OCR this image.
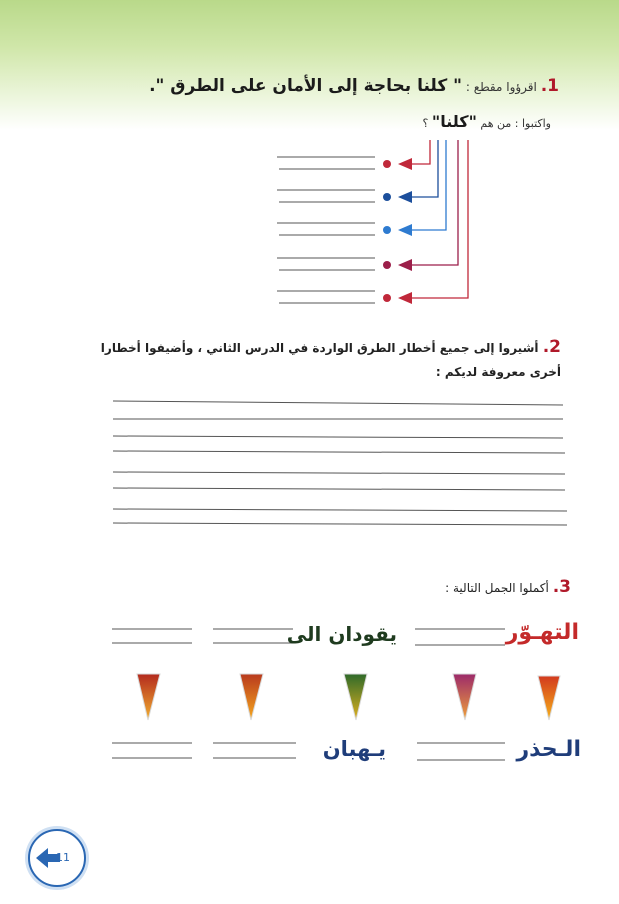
1. اقرؤوا مقطع : " كلنا بحاجة إلى الأمان على الطرق ".
واكتبوا : من هم "كلنا" ؟
2. أشيروا إلى جميع أخطار الطرق الواردة في الدرس الثاني ، وأضيفوا أخطارا
أخرى معروفة لديكم :
3. أكملوا الجمل التالية :
التهـوّر
يقودان الى
الـحذر
يـهبان
11
